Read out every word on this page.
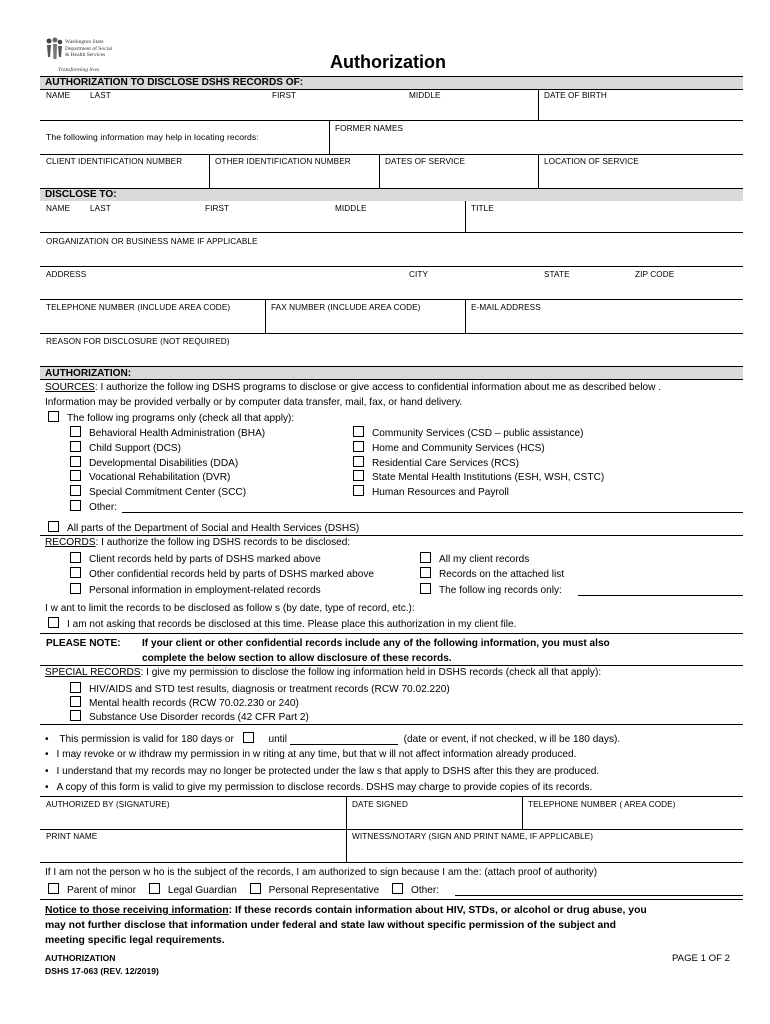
Washington State
Department of Social
& Health Services
Transforming lives	Authorization
AUTHORIZATION TO DISCLOSE DSHS RECORDS OF:
NAME LAST	FIRST	MIDDLE	DATE OF BIRTH
The following information may help in locating records:
FORMER NAMES
CLIENT IDENTIFICATION NUMBER	OTHER IDENTIFICATION NUMBER	DATES OF SERVICE	LOCATION OF SERVICE
DISCLOSE TO:
NAME LAST	FIRST	MIDDLE	TITLE
ORGANIZATION OR BUSINESS NAME IF APPLICABLE
ADDRESS	CITY	STATE	ZIP CODE
TELEPHONE NUMBER (INCLUDE AREA CODE)	FAX NUMBER (INCLUDE AREA CODE)	E-MAIL ADDRESS
REASON FOR DISCLOSURE (NOT REQUIRED)
AUTHORIZATION:
SOURCES: I authorize the follow ing DSHS programs to disclose or give access to confidential information about me as described below .
Information may be provided verbally or by computer data transfer, mail, fax, or hand delivery.
The follow ing programs only (check all that apply):
Behavioral Health Administration (BHA)
Child Support (DCS)
Developmental Disabilities (DDA)
Vocational Rehabilitation (DVR)
Special Commitment Center (SCC)
Community Services (CSD – public assistance)
Home and Community Services (HCS)
Residential Care Services (RCS)
State Mental Health Institutions (ESH, WSH, CSTC)
Human Resources and Payroll
Other:
All parts of the Department of Social and Health Services (DSHS)
RECORDS: I authorize the follow ing DSHS records to be disclosed:
Client records held by parts of DSHS marked above
Other confidential records held by parts of DSHS marked above
Personal information in employment-related records
All my client records
Records on the attached list
The follow ing records only:
I w ant to limit the records to be disclosed as follow s (by date, type of record, etc.):
I am not asking that records be disclosed at this time. Please place this authorization in my client file.
PLEASE NOTE: If your client or other confidential records include any of the following information, you must also
complete the below section to allow disclosure of these records.
SPECIAL RECORDS: I give my permission to disclose the follow ing information held in DSHS records (check all that apply):
HIV/AIDS and STD test results, diagnosis or treatment records (RCW 70.02.220)
Mental health records (RCW 70.02.230 or 240)
Substance Use Disorder records (42 CFR Part 2)
• This permission is valid for 180 days or	until	(date or event, if not checked, w ill be 180 days).
• I may revoke or w ithdraw my permission in w riting at any time, but that w ill not affect information already produced.
• I understand that my records may no longer be protected under the law s that apply to DSHS after this they are produced.
• A copy of this form is valid to give my permission to disclose records. DSHS may charge to provide copies of its records.
AUTHORIZED BY (SIGNATURE)	DATE SIGNED	TELEPHONE NUMBER ( AREA CODE)
PRINT NAME	WITNESS/NOTARY (SIGN AND PRINT NAME, IF APPLICABLE)
If I am not the person w ho is the subject of the records, I am authorized to sign because I am the: (attach proof of authority)
Parent of minor	Legal Guardian	Personal Representative	Other:
Notice to those receiving information: If these records contain information about HIV, STDs, or alcohol or drug abuse, you
may not further disclose that information under federal and state law without specific permission of the subject and
meeting specific legal requirements.
AUTHORIZATION
DSHS 17-063 (REV. 12/2019)
PAGE 1 OF 2
